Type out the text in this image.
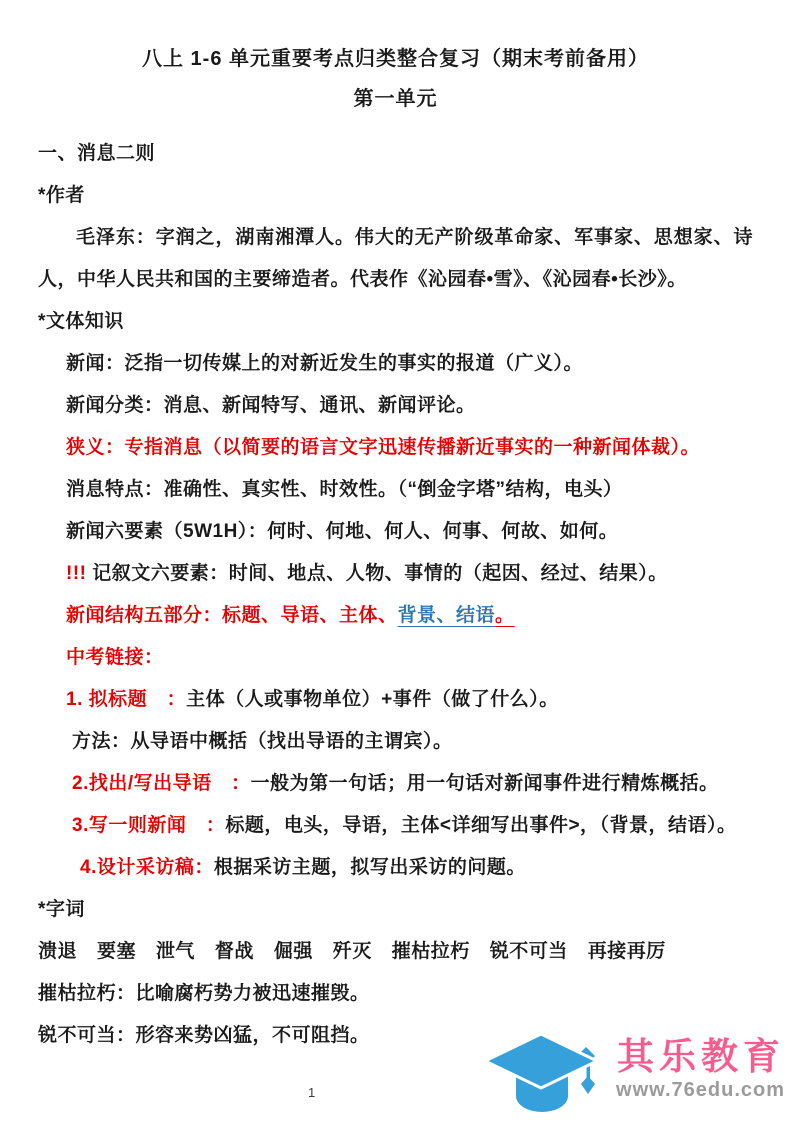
八上 1-6 单元重要考点归类整合复习（期末考前备用）
第一单元
一、消息二则
*作者

毛泽东：字润之，湖南湘潭人。伟大的无产阶级革命家、军事家、思想家、诗人，中华人民共和国的主要缔造者。代表作《沁园春•雪》、《沁园春•长沙》。

*文体知识
新闻：泛指一切传媒上的对新近发生的事实的报道（广义）。
新闻分类：消息、新闻特写、通讯、新闻评论。
狭义：专指消息（以简要的语言文字迅速传播新近事实的一种新闻体裁）。
消息特点：准确性、真实性、时效性。（“倒金字塔”结构，电头）
新闻六要素（5W1H）：何时、何地、何人、何事、何故、如何。
!!! 记叙文六要素：时间、地点、人物、事情的（起因、经过、结果）。
新闻结构五部分：标题、导语、主体、背景、结语。
中考链接：
1. 拟标题　：主体（人或事物单位）+事件（做了什么）。
方法：从导语中概括（找出导语的主谓宾）。
2.找出/写出导语　：一般为第一句话；用一句话对新闻事件进行精炼概括。
3.写一则新闻　：标题，电头，导语，主体<详细写出事件>，（背景，结语）。
4.设计采访稿：根据采访主题，拟写出采访的问题。
*字词
溃退 要塞 泄气 督战 倔强 歼灭 摧枯拉朽 锐不可当 再接再厉
摧枯拉朽：比喻腐朽势力被迅速摧毁。
锐不可当：形容来势凶猛，不可阻挡。
1
其乐教育
www.76edu.com
